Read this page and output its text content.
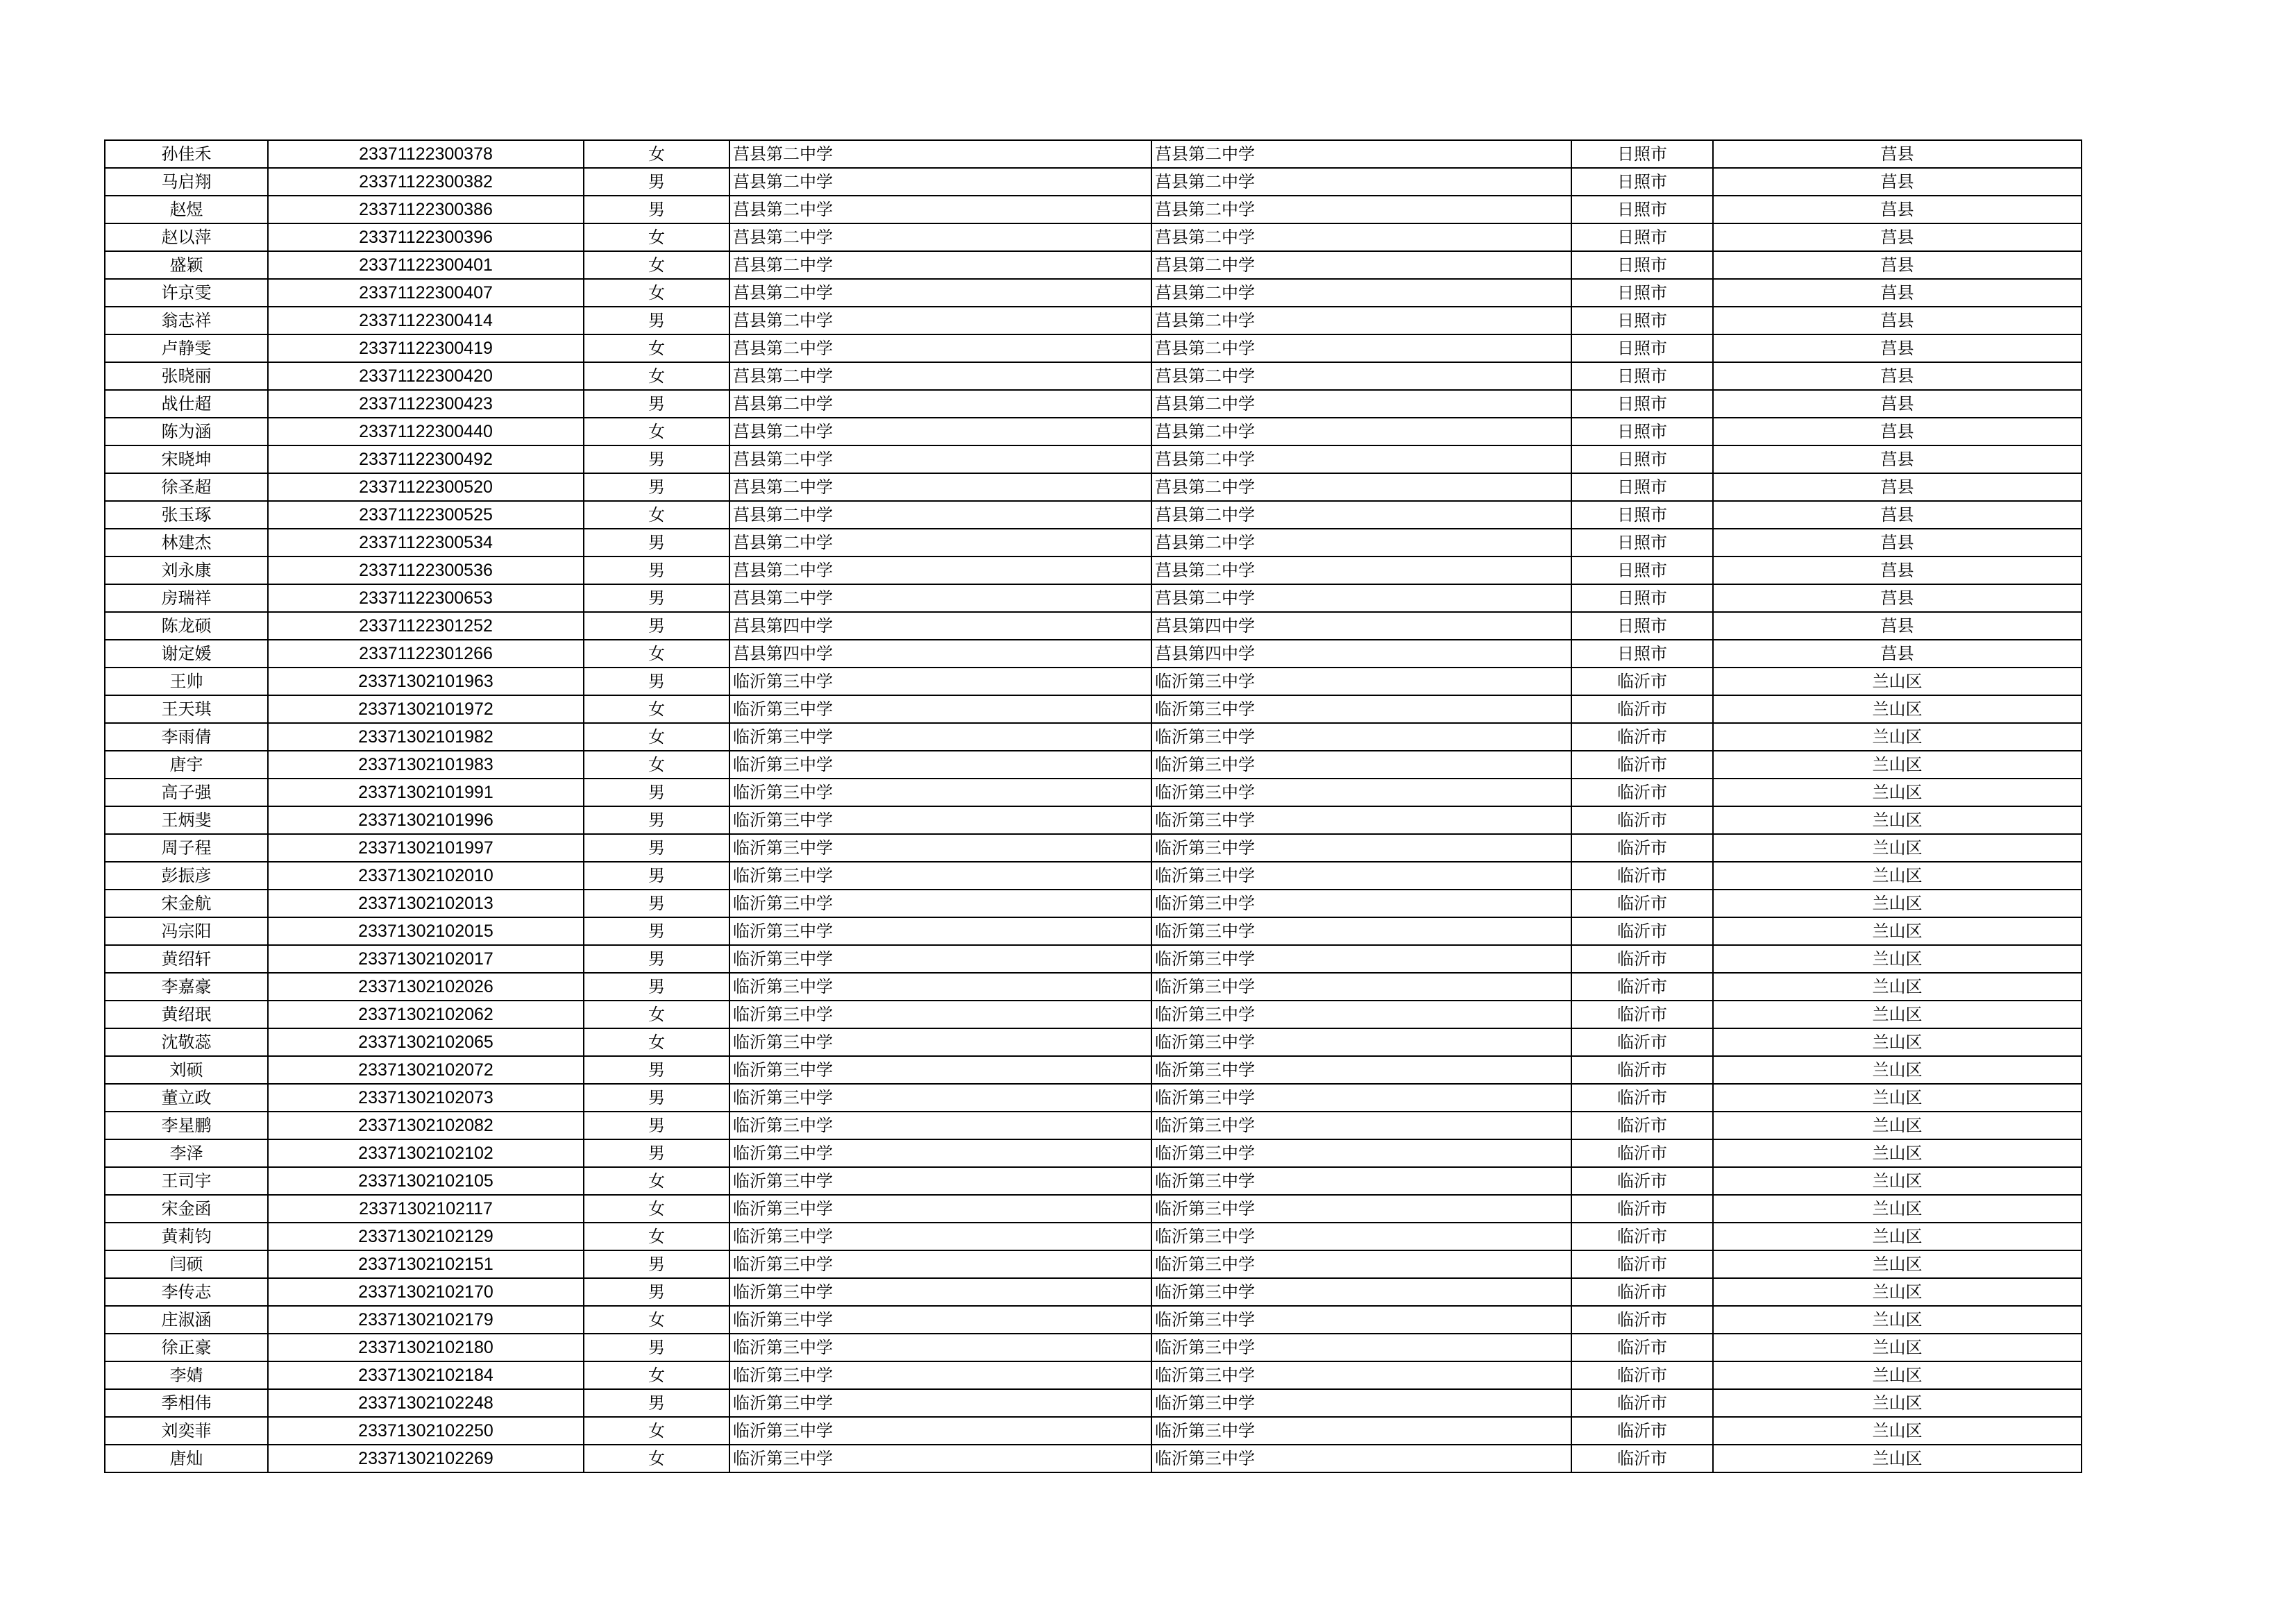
孙佳禾	23371122300378	女	莒县第二中学	莒县第二中学	日照市	莒县
马启翔	23371122300382	男	莒县第二中学	莒县第二中学	日照市	莒县
赵煜	23371122300386	男	莒县第二中学	莒县第二中学	日照市	莒县
赵以萍	23371122300396	女	莒县第二中学	莒县第二中学	日照市	莒县
盛颖	23371122300401	女	莒县第二中学	莒县第二中学	日照市	莒县
许京雯	23371122300407	女	莒县第二中学	莒县第二中学	日照市	莒县
翁志祥	23371122300414	男	莒县第二中学	莒县第二中学	日照市	莒县
卢静雯	23371122300419	女	莒县第二中学	莒县第二中学	日照市	莒县
张晓丽	23371122300420	女	莒县第二中学	莒县第二中学	日照市	莒县
战仕超	23371122300423	男	莒县第二中学	莒县第二中学	日照市	莒县
陈为涵	23371122300440	女	莒县第二中学	莒县第二中学	日照市	莒县
宋晓坤	23371122300492	男	莒县第二中学	莒县第二中学	日照市	莒县
徐圣超	23371122300520	男	莒县第二中学	莒县第二中学	日照市	莒县
张玉琢	23371122300525	女	莒县第二中学	莒县第二中学	日照市	莒县
林建杰	23371122300534	男	莒县第二中学	莒县第二中学	日照市	莒县
刘永康	23371122300536	男	莒县第二中学	莒县第二中学	日照市	莒县
房瑞祥	23371122300653	男	莒县第二中学	莒县第二中学	日照市	莒县
陈龙硕	23371122301252	男	莒县第四中学	莒县第四中学	日照市	莒县
谢定媛	23371122301266	女	莒县第四中学	莒县第四中学	日照市	莒县
王帅	23371302101963	男	临沂第三中学	临沂第三中学	临沂市	兰山区
王天琪	23371302101972	女	临沂第三中学	临沂第三中学	临沂市	兰山区
李雨倩	23371302101982	女	临沂第三中学	临沂第三中学	临沂市	兰山区
唐宇	23371302101983	女	临沂第三中学	临沂第三中学	临沂市	兰山区
高子强	23371302101991	男	临沂第三中学	临沂第三中学	临沂市	兰山区
王炳斐	23371302101996	男	临沂第三中学	临沂第三中学	临沂市	兰山区
周子程	23371302101997	男	临沂第三中学	临沂第三中学	临沂市	兰山区
彭振彦	23371302102010	男	临沂第三中学	临沂第三中学	临沂市	兰山区
宋金航	23371302102013	男	临沂第三中学	临沂第三中学	临沂市	兰山区
冯宗阳	23371302102015	男	临沂第三中学	临沂第三中学	临沂市	兰山区
黄绍轩	23371302102017	男	临沂第三中学	临沂第三中学	临沂市	兰山区
李嘉豪	23371302102026	男	临沂第三中学	临沂第三中学	临沂市	兰山区
黄绍珉	23371302102062	女	临沂第三中学	临沂第三中学	临沂市	兰山区
沈敬蕊	23371302102065	女	临沂第三中学	临沂第三中学	临沂市	兰山区
刘硕	23371302102072	男	临沂第三中学	临沂第三中学	临沂市	兰山区
董立政	23371302102073	男	临沂第三中学	临沂第三中学	临沂市	兰山区
李星鹏	23371302102082	男	临沂第三中学	临沂第三中学	临沂市	兰山区
李泽	23371302102102	男	临沂第三中学	临沂第三中学	临沂市	兰山区
王司宇	23371302102105	女	临沂第三中学	临沂第三中学	临沂市	兰山区
宋金函	23371302102117	女	临沂第三中学	临沂第三中学	临沂市	兰山区
黄莉钧	23371302102129	女	临沂第三中学	临沂第三中学	临沂市	兰山区
闫硕	23371302102151	男	临沂第三中学	临沂第三中学	临沂市	兰山区
李传志	23371302102170	男	临沂第三中学	临沂第三中学	临沂市	兰山区
庄淑涵	23371302102179	女	临沂第三中学	临沂第三中学	临沂市	兰山区
徐正豪	23371302102180	男	临沂第三中学	临沂第三中学	临沂市	兰山区
李婧	23371302102184	女	临沂第三中学	临沂第三中学	临沂市	兰山区
季相伟	23371302102248	男	临沂第三中学	临沂第三中学	临沂市	兰山区
刘奕菲	23371302102250	女	临沂第三中学	临沂第三中学	临沂市	兰山区
唐灿	23371302102269	女	临沂第三中学	临沂第三中学	临沂市	兰山区
